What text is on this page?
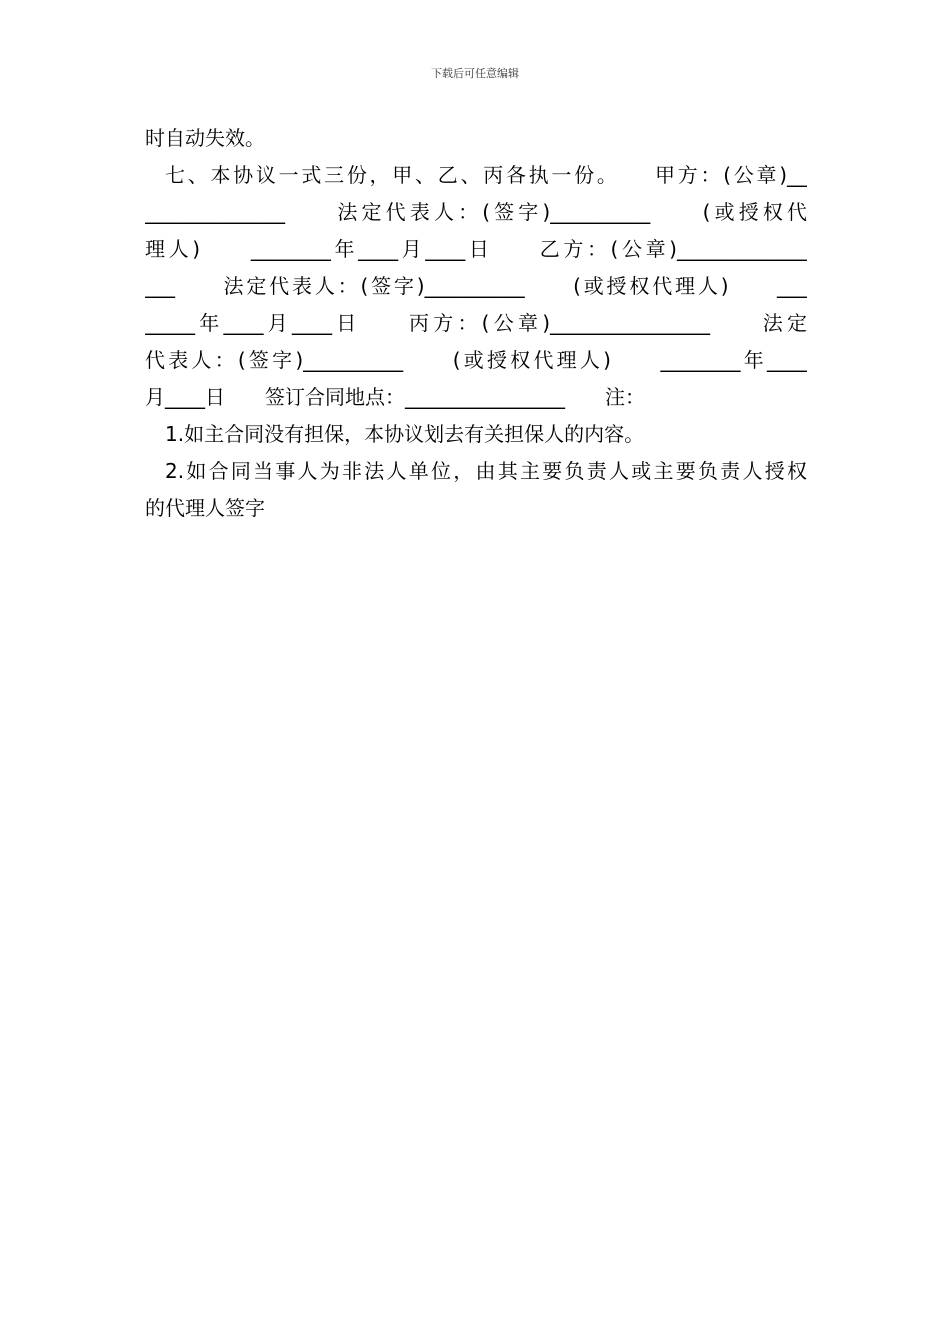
下载后可任意编辑
时自动失效。
七、本协议一式三份，甲、乙、丙各执一份。　　甲方：(公章)__
______________　　法定代表人：(签字)__________　　(或授权代
理人)　　________年____月____日　　乙方：(公章)_____________
___　　法定代表人：(签字)__________　　(或授权代理人)　　___
_____年____月____日　　丙方：(公章)________________　　法定
代表人：(签字)__________　　(或授权代理人)　　________年____
月____日　　签订合同地点：________________　　注：
1.如主合同没有担保，本协议划去有关担保人的内容。
2.如合同当事人为非法人单位，由其主要负责人或主要负责人授权
的代理人签字
